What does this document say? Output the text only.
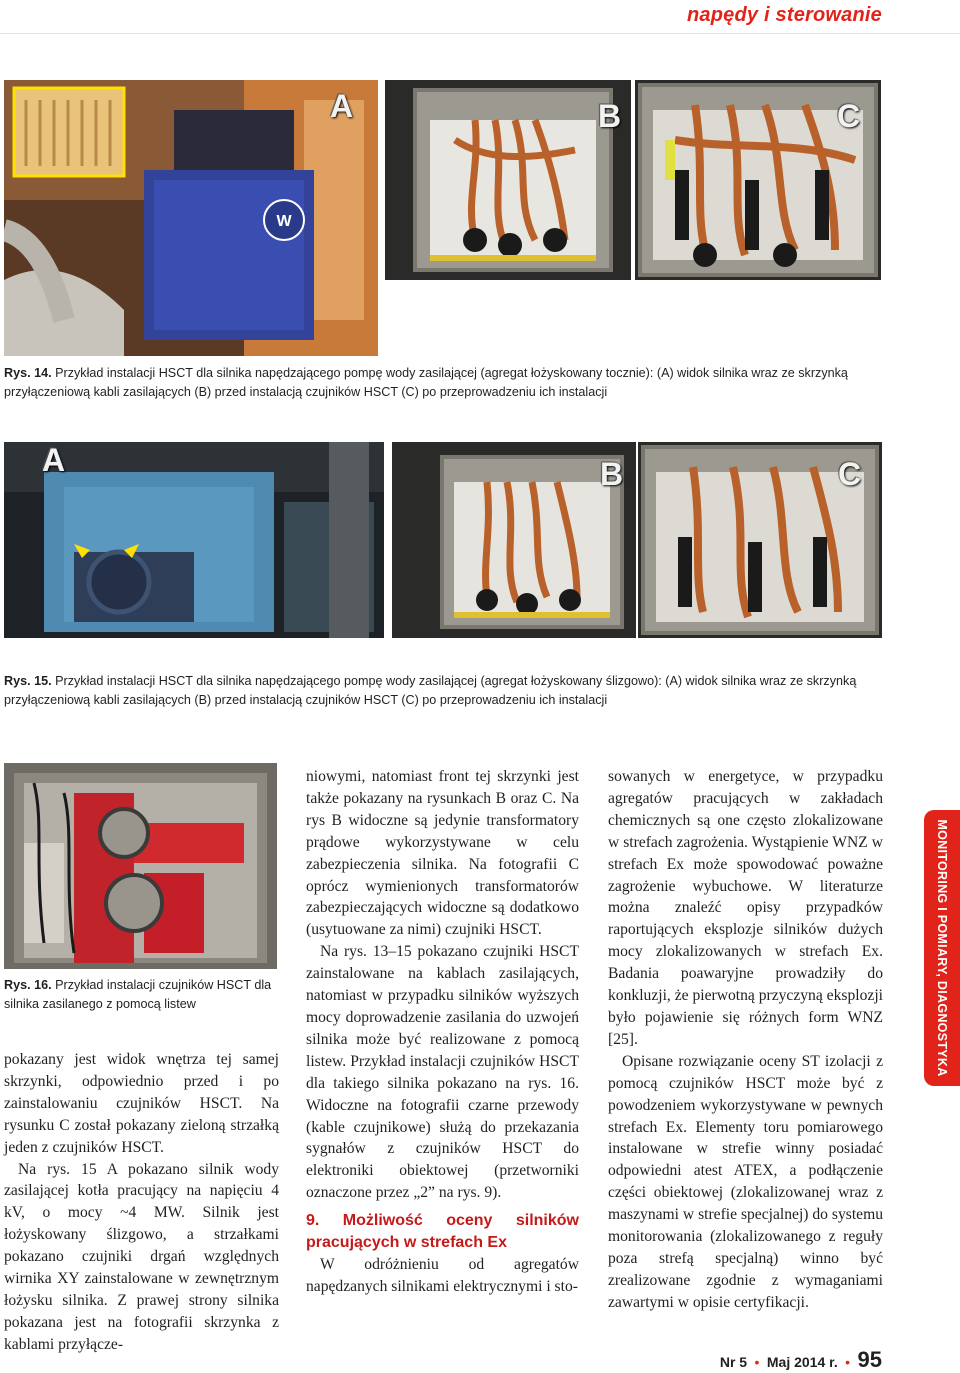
napędy i sterowanie
W
A	C
B
Rys. 14. Przykład instalacji HSCT dla silnika napędzającego pompę wody zasilającej (agregat łożyskowany tocznie): (A) widok silnika wraz ze skrzynką przyłączeniową kabli zasilających (B) przed instalacją czujników HSCT (C) po przeprowadzeniu ich instalacji
A	B	C
Rys. 15. Przykład instalacji HSCT dla silnika napędzającego pompę wody zasilającej (agregat łożyskowany ślizgowo): (A) widok silnika wraz ze skrzynką przyłączeniową kabli zasilających (B) przed instalacją czujników HSCT (C) po przeprowadzeniu ich instalacji
Rys. 16. Przykład instalacji czujników HSCT dla silnika zasilanego z pomocą listew

pokazany jest widok wnętrza tej samej skrzynki, odpowiednio przed i po zainstalowaniu czujników HSCT. Na rysunku C został pokazany zieloną strzałką jeden z czujników HSCT.

Na rys. 15 A pokazano silnik wody zasilającej kotła pracujący na napięciu 4 kV, o mocy ~4 MW. Silnik jest łożyskowany ślizgowo, a strzałkami pokazano czujniki drgań względnych wirnika XY zainstalowane w zewnętrznym łożysku silnika. Z prawej strony silnika pokazana jest na fotografii skrzynka z kablami przyłącze-

niowymi, natomiast front tej skrzynki jest także pokazany na rysunkach B oraz C. Na rys B widoczne są jedynie transformatory prądowe wykorzystywane w celu zabezpieczenia silnika. Na fotografii C oprócz wymienionych transformatorów zabezpieczających widoczne są dodatkowo (usytuowane za nimi) czujniki HSCT.

Na rys. 13–15 pokazano czujniki HSCT zainstalowane na kablach zasilających, natomiast w przypadku silników wyższych mocy doprowadzenie zasilania do uzwojeń silnika może być realizowane z pomocą listew. Przykład instalacji czujników HSCT dla takiego silnika pokazano na rys. 16. Widoczne na fotografii czarne przewody (kable czujnikowe) służą do przekazania sygnałów z czujników HSCT do elektroniki obiektowej (przetworniki oznaczone przez „2” na rys. 9).

9. Możliwość oceny silników pracujących w strefach Ex

W odróżnieniu od agregatów napędzanych silnikami elektrycznymi i sto-

sowanych w energetyce, w przypadku agregatów pracujących w zakładach chemicznych są one często zlokalizowane w strefach zagrożenia. Wystąpienie WNZ w strefach Ex może spowodować poważne zagrożenie wybuchowe. W literaturze można znaleźć opisy przypadków raportujących eksplozje silników dużych mocy zlokalizowanych w strefach Ex. Badania poawaryjne prowadziły do konkluzji, że pierwotną przyczyną eksplozji było pojawienie się różnych form WNZ [25].

Opisane rozwiązanie oceny ST izolacji z pomocą czujników HSCT może być z powodzeniem wykorzystywane w pewnych strefach Ex. Elementy toru pomiarowego instalowane w strefie winny posiadać odpowiedni atest ATEX, a podłączenie części obiektowej (zlokalizowanej wraz z maszynami w strefie specjalnej) do systemu monitorowania (zlokalizowanego z reguły poza strefą specjalną) winno być zrealizowane zgodnie z wymaganiami zawartymi w opisie certyfikacji.

MONITORING I POMIARY, DIAGNOSTYKA
Nr 5 • Maj 2014 r. • 95
